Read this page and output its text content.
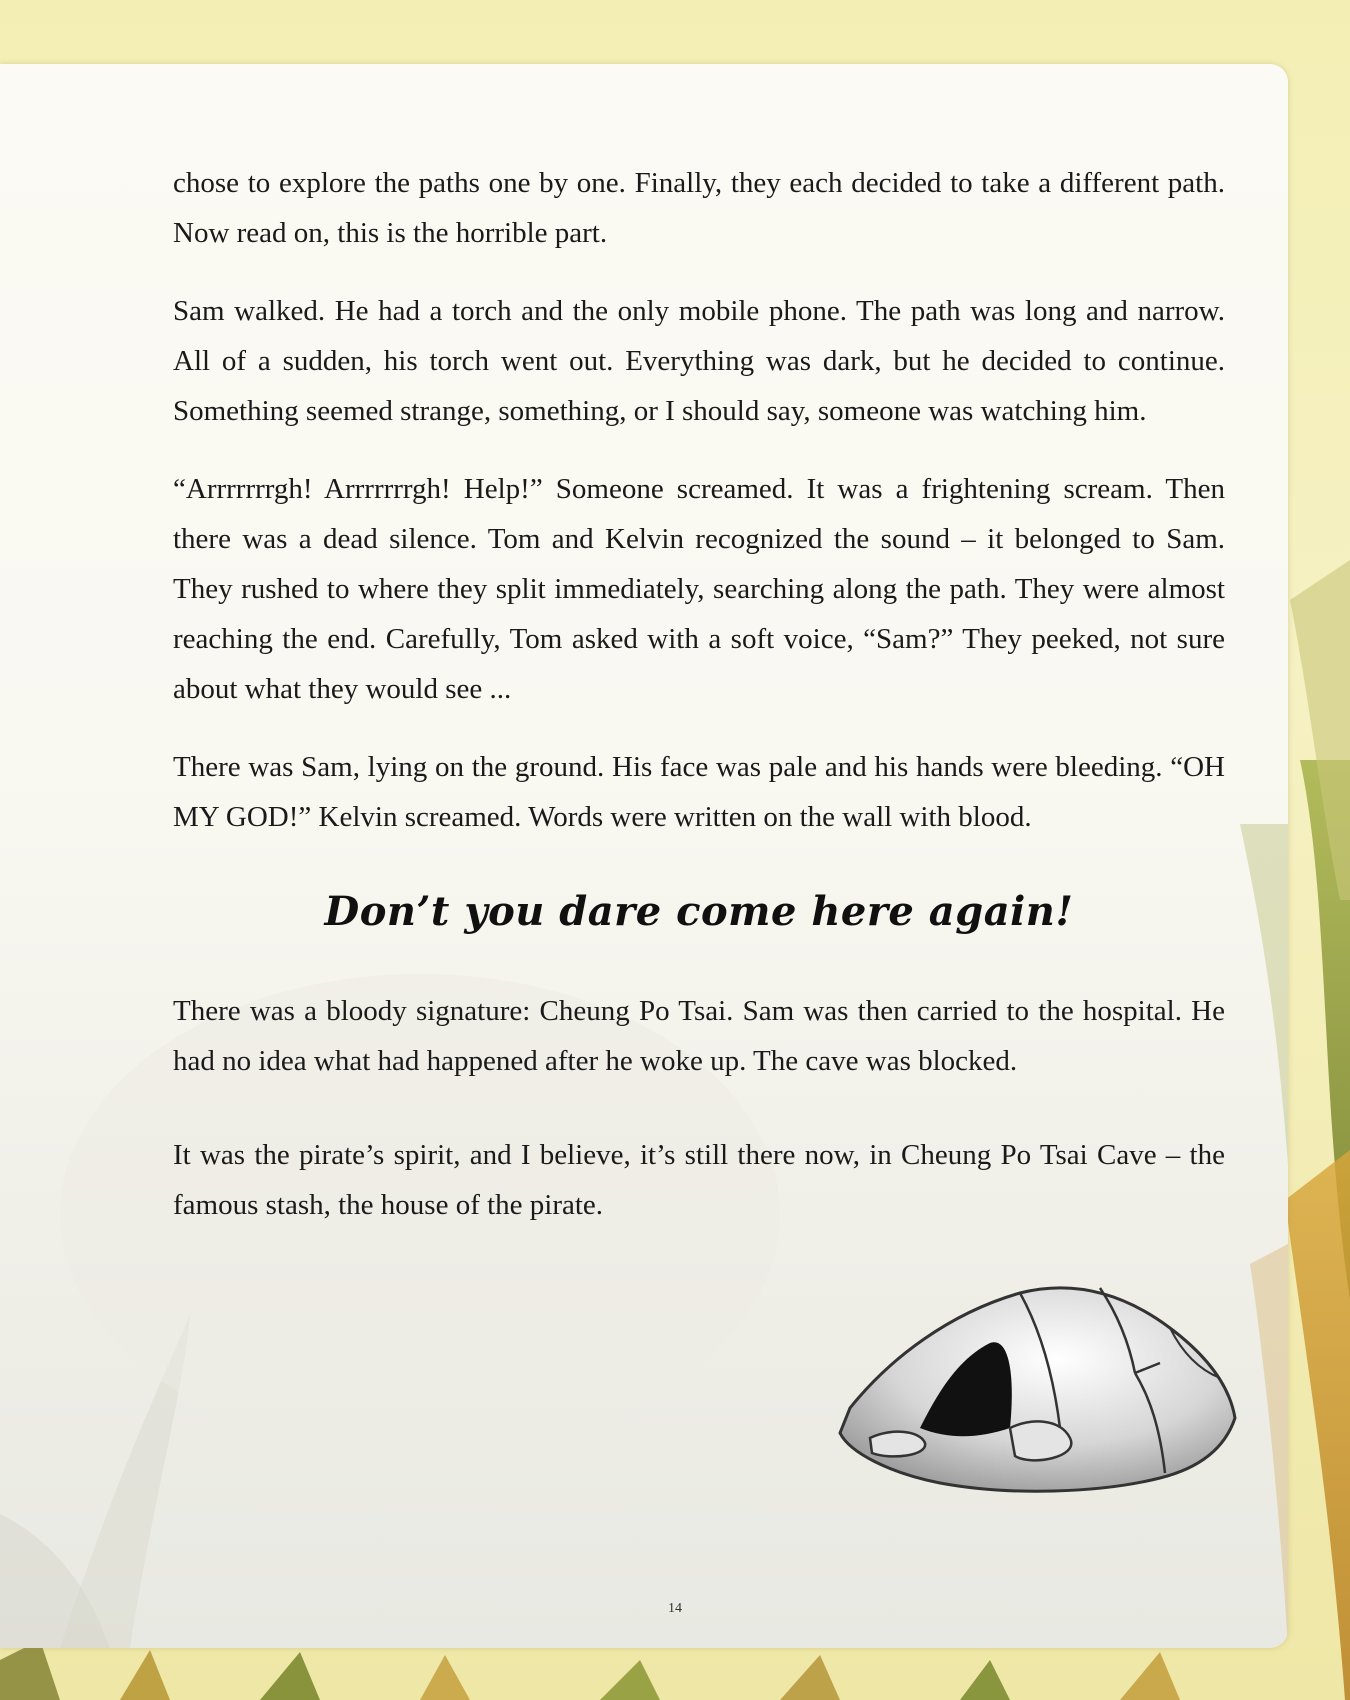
chose to explore the paths one by one. Finally, they each decided to take a different path. Now read on, this is the horrible part.

Sam walked. He had a torch and the only mobile phone. The path was long and narrow. All of a sudden, his torch went out. Everything was dark, but he decided to continue. Something seemed strange, something, or I should say, someone was watching him.

“Arrrrrrrgh! Arrrrrrrgh! Help!” Someone screamed. It was a frightening scream. Then there was a dead silence. Tom and Kelvin recognized the sound – it belonged to Sam. They rushed to where they split immediately, searching along the path. They were almost reaching the end. Carefully, Tom asked with a soft voice, “Sam?” They peeked, not sure about what they would see ...

There was Sam, lying on the ground. His face was pale and his hands were bleeding. “OH MY GOD!” Kelvin screamed. Words were written on the wall with blood.

Don’t you dare come here again!

There was a bloody signature: Cheung Po Tsai. Sam was then carried to the hospital. He had no idea what had happened after he woke up. The cave was blocked.

It was the pirate’s spirit, and I believe, it’s still there now, in Cheung Po Tsai Cave – the famous stash, the house of the pirate.

14
